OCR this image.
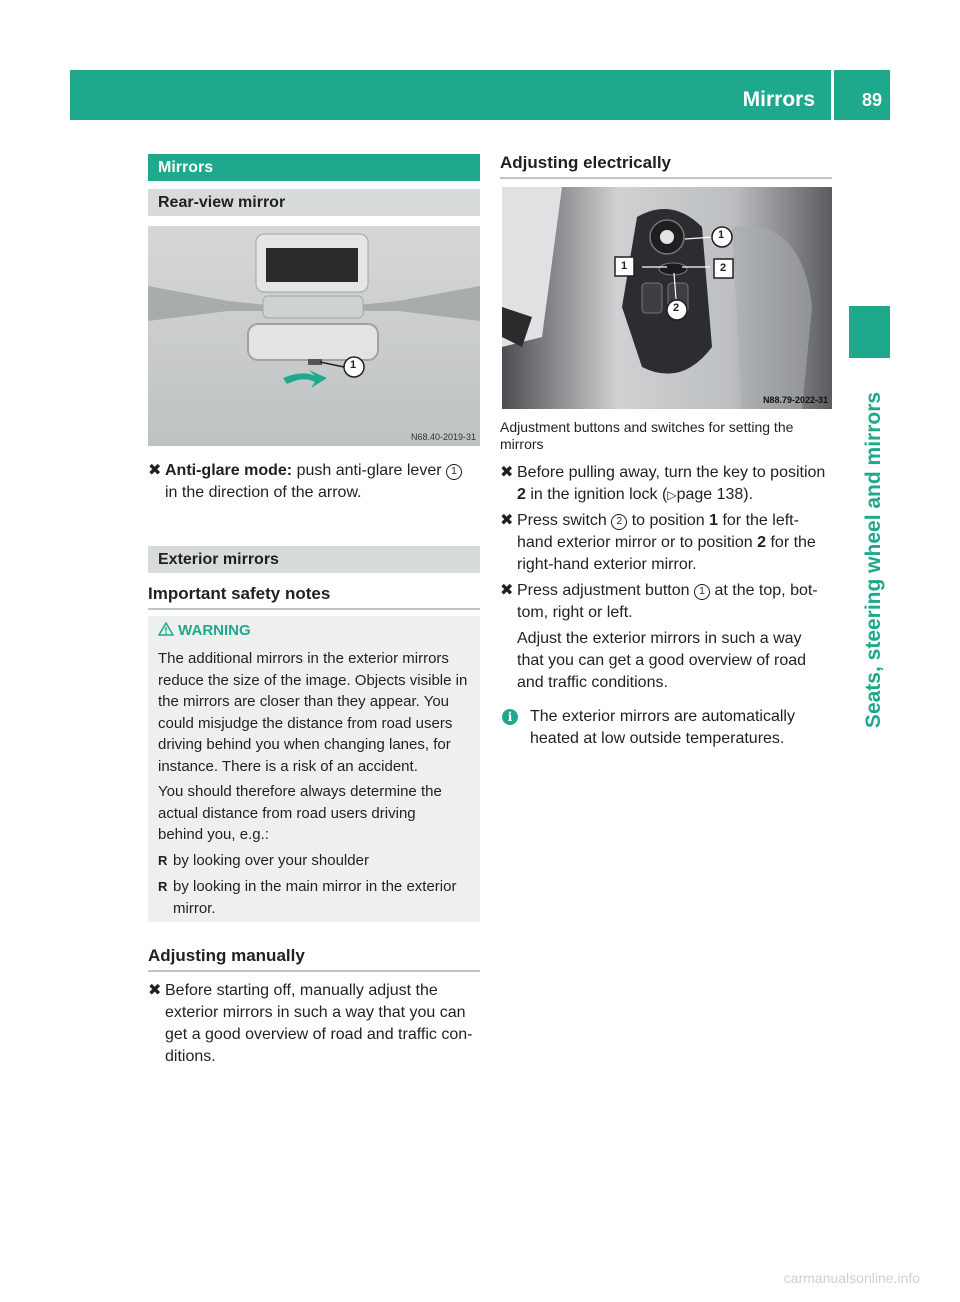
Mirrors	89
Seats, steering wheel and mirrors
Mirrors
Rear-view mirror
1
N68.40-2019-31
✖ Anti-glare mode: push anti-glare lever 1
in the direction of the arrow.
Exterior mirrors
Important safety notes
WARNING
The additional mirrors in the exterior mirrors
reduce the size of the image. Objects visible in
the mirrors are closer than they appear. You
could misjudge the distance from road users
driving behind you when changing lanes, for
instance. There is a risk of an accident.
You should therefore always determine the
actual distance from road users driving
behind you, e.g.:
R by looking over your shoulder
R by looking in the main mirror in the exterior
mirror.
Adjusting manually
✖ Before starting off, manually adjust the
exterior mirrors in such a way that you can
get a good overview of road and traffic con-
ditions.
Adjusting electrically
1
1	2
2
N88.79-2022-31
Adjustment buttons and switches for setting the
mirrors
✖ Before pulling away, turn the key to position
2 in the ignition lock (▷page 138).
✖ Press switch 2 to position 1 for the left-
hand exterior mirror or to position 2 for the
right-hand exterior mirror.
✖ Press adjustment button 1 at the top, bot-
tom, right or left.
Adjust the exterior mirrors in such a way
that you can get a good overview of road
and traffic conditions.
i	The exterior mirrors are automatically
heated at low outside temperatures.
carmanualsonline.info
